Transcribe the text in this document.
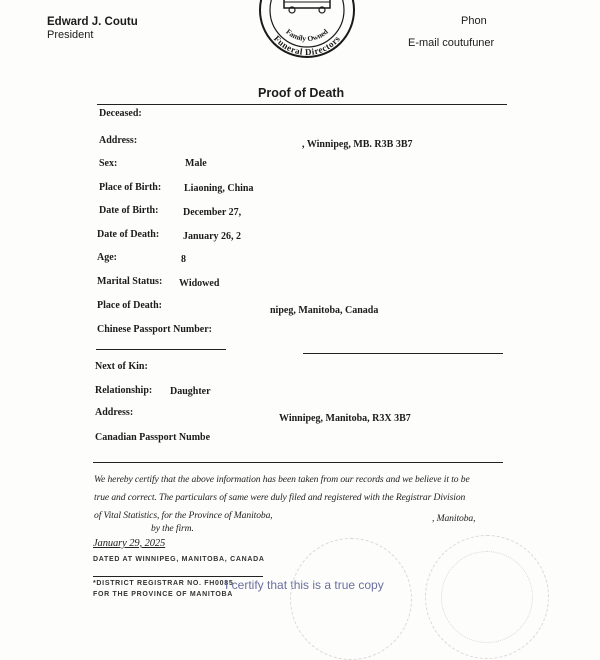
Edward J. Coutu
President	Family Owned
Funeral Directors
Phon
E-mail coutufuner
Proof of Death
Deceased:
Address:	, Winnipeg, MB. R3B 3B7
Sex:	Male
Place of Birth: Liaoning, China
Date of Birth: December 27,
Date of Death: January 26, 2
Age:	8
Marital Status: Widowed
Place of Death:	nipeg, Manitoba, Canada
Chinese Passport Number:
Next of Kin:
Relationship: Daughter
Address:
Winnipeg, Manitoba, R3X 3B7
Canadian Passport Numbe
We hereby certify that the above information has been taken from our records and we believe it to be
true and correct. The particulars of same were duly filed and registered with the Registrar Division
of Vital Statistics, for the Province of Manitoba,	, Manitoba,
by the firm.
January 29, 2025
DATED AT WINNIPEG, MANITOBA, CANADA
*DISTRICT REGISTRAR NO. FH0085
FOR THE PROVINCE OF MANITOBA
I certify that this is a true copy
